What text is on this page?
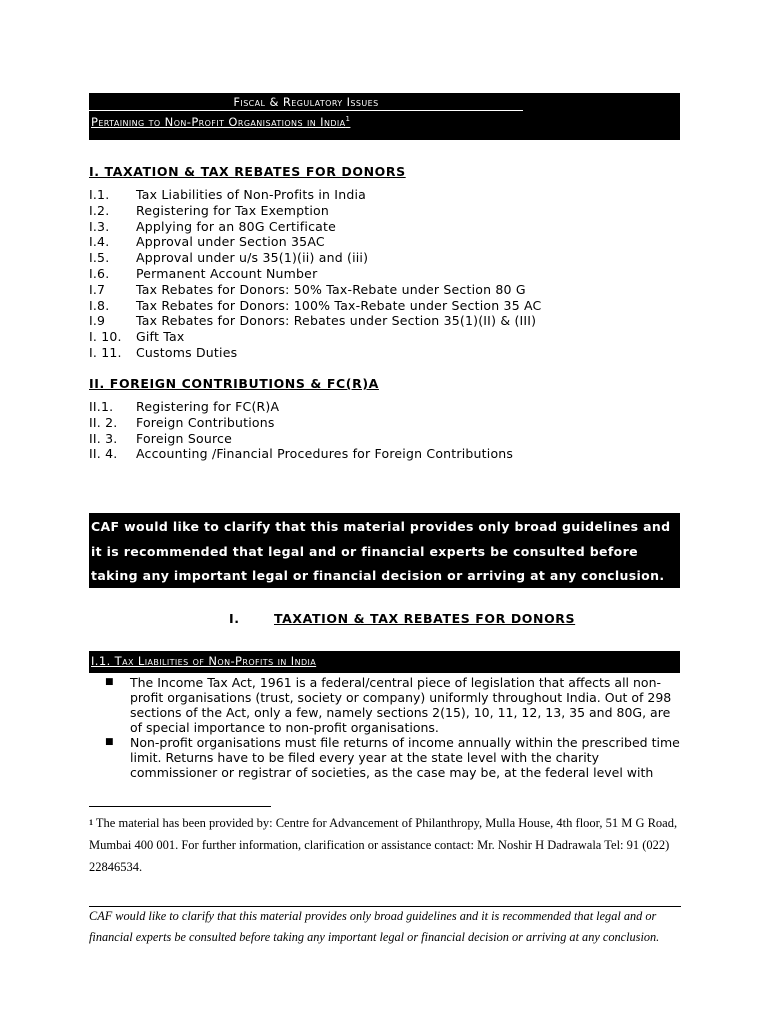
Fiscal & Regulatory Issues
Pertaining to Non-Profit Organisations in India$^1$
I. TAXATION & TAX REBATES FOR DONORS
I.1. Tax Liabilities of Non-Profits in India
I.2. Registering for Tax Exemption
I.3. Applying for an 80G Certificate
I.4. Approval under Section 35AC
I.5. Approval under u/s 35(1)(ii) and (iii)
I.6. Permanent Account Number
I.7 Tax Rebates for Donors: 50% Tax-Rebate under Section 80 G
I.8. Tax Rebates for Donors: 100% Tax-Rebate under Section 35 AC
I.9 Tax Rebates for Donors: Rebates under Section 35(1)(II) & (III)
I. 10. Gift Tax
I. 11. Customs Duties
II. FOREIGN CONTRIBUTIONS & FC(R)A
II.1. Registering for FC(R)A
II. 2. Foreign Contributions
II. 3. Foreign Source
II. 4. Accounting /Financial Procedures for Foreign Contributions
CAF would like to clarify that this material provides only broad guidelines and it is recommended that legal and or financial experts be consulted before taking any important legal or financial decision or arriving at any conclusion.
I.	TAXATION & TAX REBATES FOR DONORS
I.1. Tax Liabilities of Non-Profits in India

■ The Income Tax Act, 1961 is a federal/central piece of legislation that affects all non-profit organisations (trust, society or company) uniformly throughout India. Out of 298 sections of the Act, only a few, namely sections 2(15), 10, 11, 12, 13, 35 and 80G, are of special importance to non-profit organisations.

■ Non-profit organisations must file returns of income annually within the prescribed time limit. Returns have to be filed every year at the state level with the charity commissioner or registrar of societies, as the case may be, at the federal level with

$^1$ The material has been provided by: Centre for Advancement of Philanthropy, Mulla House, 4th floor, 51 M G Road, Mumbai 400 001. For further information, clarification or assistance contact: Mr. Noshir H Dadrawala Tel: 91 (022) 22846534.
CAF would like to clarify that this material provides only broad guidelines and it is recommended that legal and or financial experts be consulted before taking any important legal or financial decision or arriving at any conclusion.
